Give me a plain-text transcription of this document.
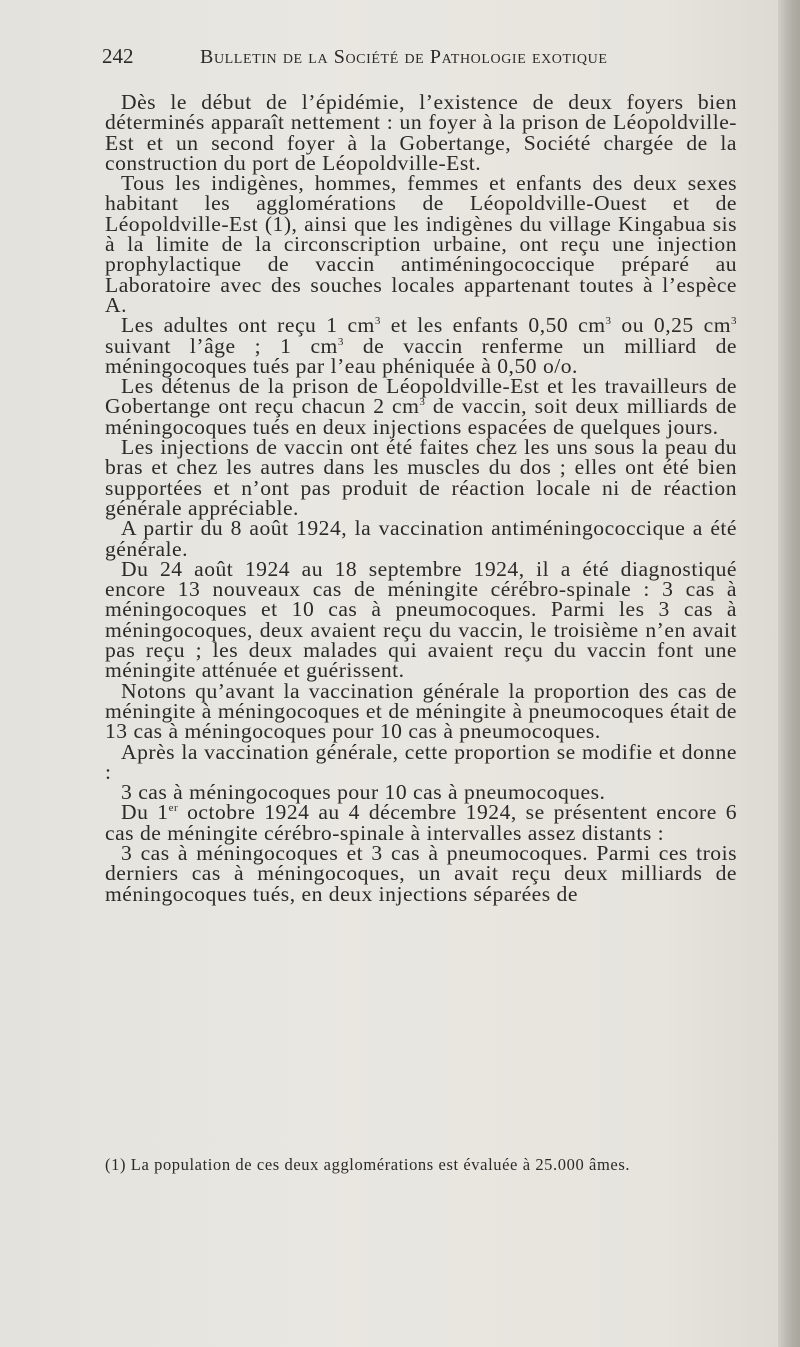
242	Bulletin de la Société de Pathologie exotique

Dès le début de l’épidémie, l’existence de deux foyers bien déterminés apparaît nettement : un foyer à la prison de Léopoldville-Est et un second foyer à la Gobertange, Société chargée de la construction du port de Léopoldville-Est.

Tous les indigènes, hommes, femmes et enfants des deux sexes habitant les agglomérations de Léopoldville-Ouest et de Léopoldville-Est (1), ainsi que les indigènes du village Kingabua sis à la limite de la circonscription urbaine, ont reçu une injection prophylactique de vaccin antiméningococcique préparé au Laboratoire avec des souches locales appartenant toutes à l’espèce A.

Les adultes ont reçu 1 $cm^3$ et les enfants 0,50 $cm^3$ ou 0,25 $cm^3$ suivant l’âge ; 1 $cm^3$ de vaccin renferme un milliard de méningocoques tués par l’eau phéniquée à 0,50 o/o.

Les détenus de la prison de Léopoldville-Est et les travailleurs de Gobertange ont reçu chacun 2 $cm^3$ de vaccin, soit deux milliards de méningocoques tués en deux injections espacées de quelques jours.

Les injections de vaccin ont été faites chez les uns sous la peau du bras et chez les autres dans les muscles du dos ; elles ont été bien supportées et n’ont pas produit de réaction locale ni de réaction générale appréciable.

A partir du 8 août 1924, la vaccination antiméningococcique a été générale.

Du 24 août 1924 au 18 septembre 1924, il a été diagnostiqué encore 13 nouveaux cas de méningite cérébro-spinale : 3 cas à méningocoques et 10 cas à pneumocoques. Parmi les 3 cas à méningocoques, deux avaient reçu du vaccin, le troisième n’en avait pas reçu ; les deux malades qui avaient reçu du vaccin font une méningite atténuée et guérissent.

Notons qu’avant la vaccination générale la proportion des cas de méningite à méningocoques et de méningite à pneumocoques était de 13 cas à méningocoques pour 10 cas à pneumocoques.

Après la vaccination générale, cette proportion se modifie et donne :

3 cas à méningocoques pour 10 cas à pneumocoques.

Du 1er octobre 1924 au 4 décembre 1924, se présentent encore 6 cas de méningite cérébro-spinale à intervalles assez distants :

3 cas à méningocoques et 3 cas à pneumocoques. Parmi ces trois derniers cas à méningocoques, un avait reçu deux milliards de méningocoques tués, en deux injections séparées de

(1) La population de ces deux agglomérations est évaluée à 25.000 âmes.
